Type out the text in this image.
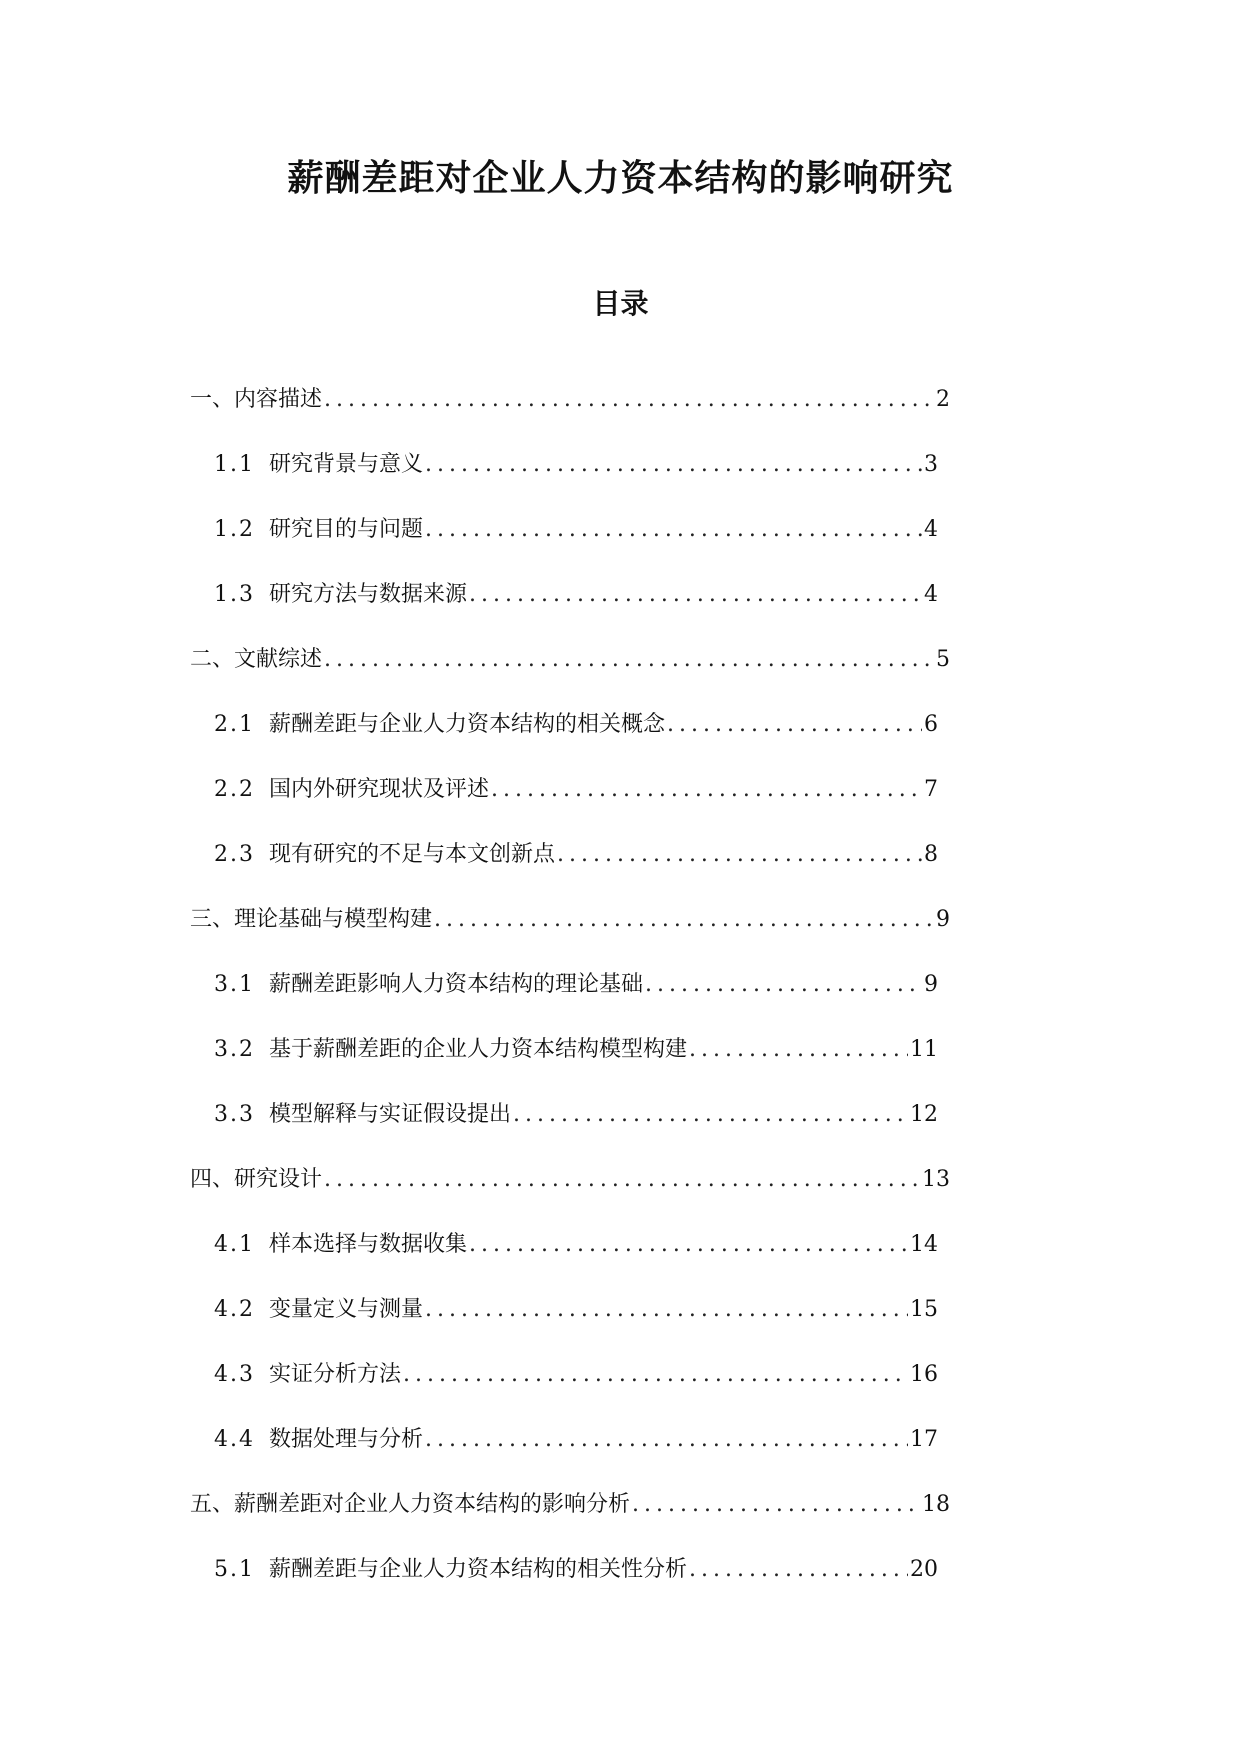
薪酬差距对企业人力资本结构的影响研究
目录
一、内容描述 .....	2
1.1 研究背景与意义 .....	3
1.2 研究目的与问题 .....	4
1.3 研究方法与数据来源 .....	4
二、文献综述 .....	5
2.1 薪酬差距与企业人力资本结构的相关概念 .....	6
2.2 国内外研究现状及评述 .....	7
2.3 现有研究的不足与本文创新点 .....	8
三、理论基础与模型构建 .....	9
3.1 薪酬差距影响人力资本结构的理论基础 .....	9
3.2 基于薪酬差距的企业人力资本结构模型构建 .....	11
3.3 模型解释与实证假设提出 .....	12
四、研究设计 .....	13
4.1 样本选择与数据收集 .....	14
4.2 变量定义与测量 .....	15
4.3 实证分析方法 .....	16
4.4 数据处理与分析 .....	17
五、薪酬差距对企业人力资本结构的影响分析 .....	18
5.1 薪酬差距与企业人力资本结构的相关性分析 .....	20
